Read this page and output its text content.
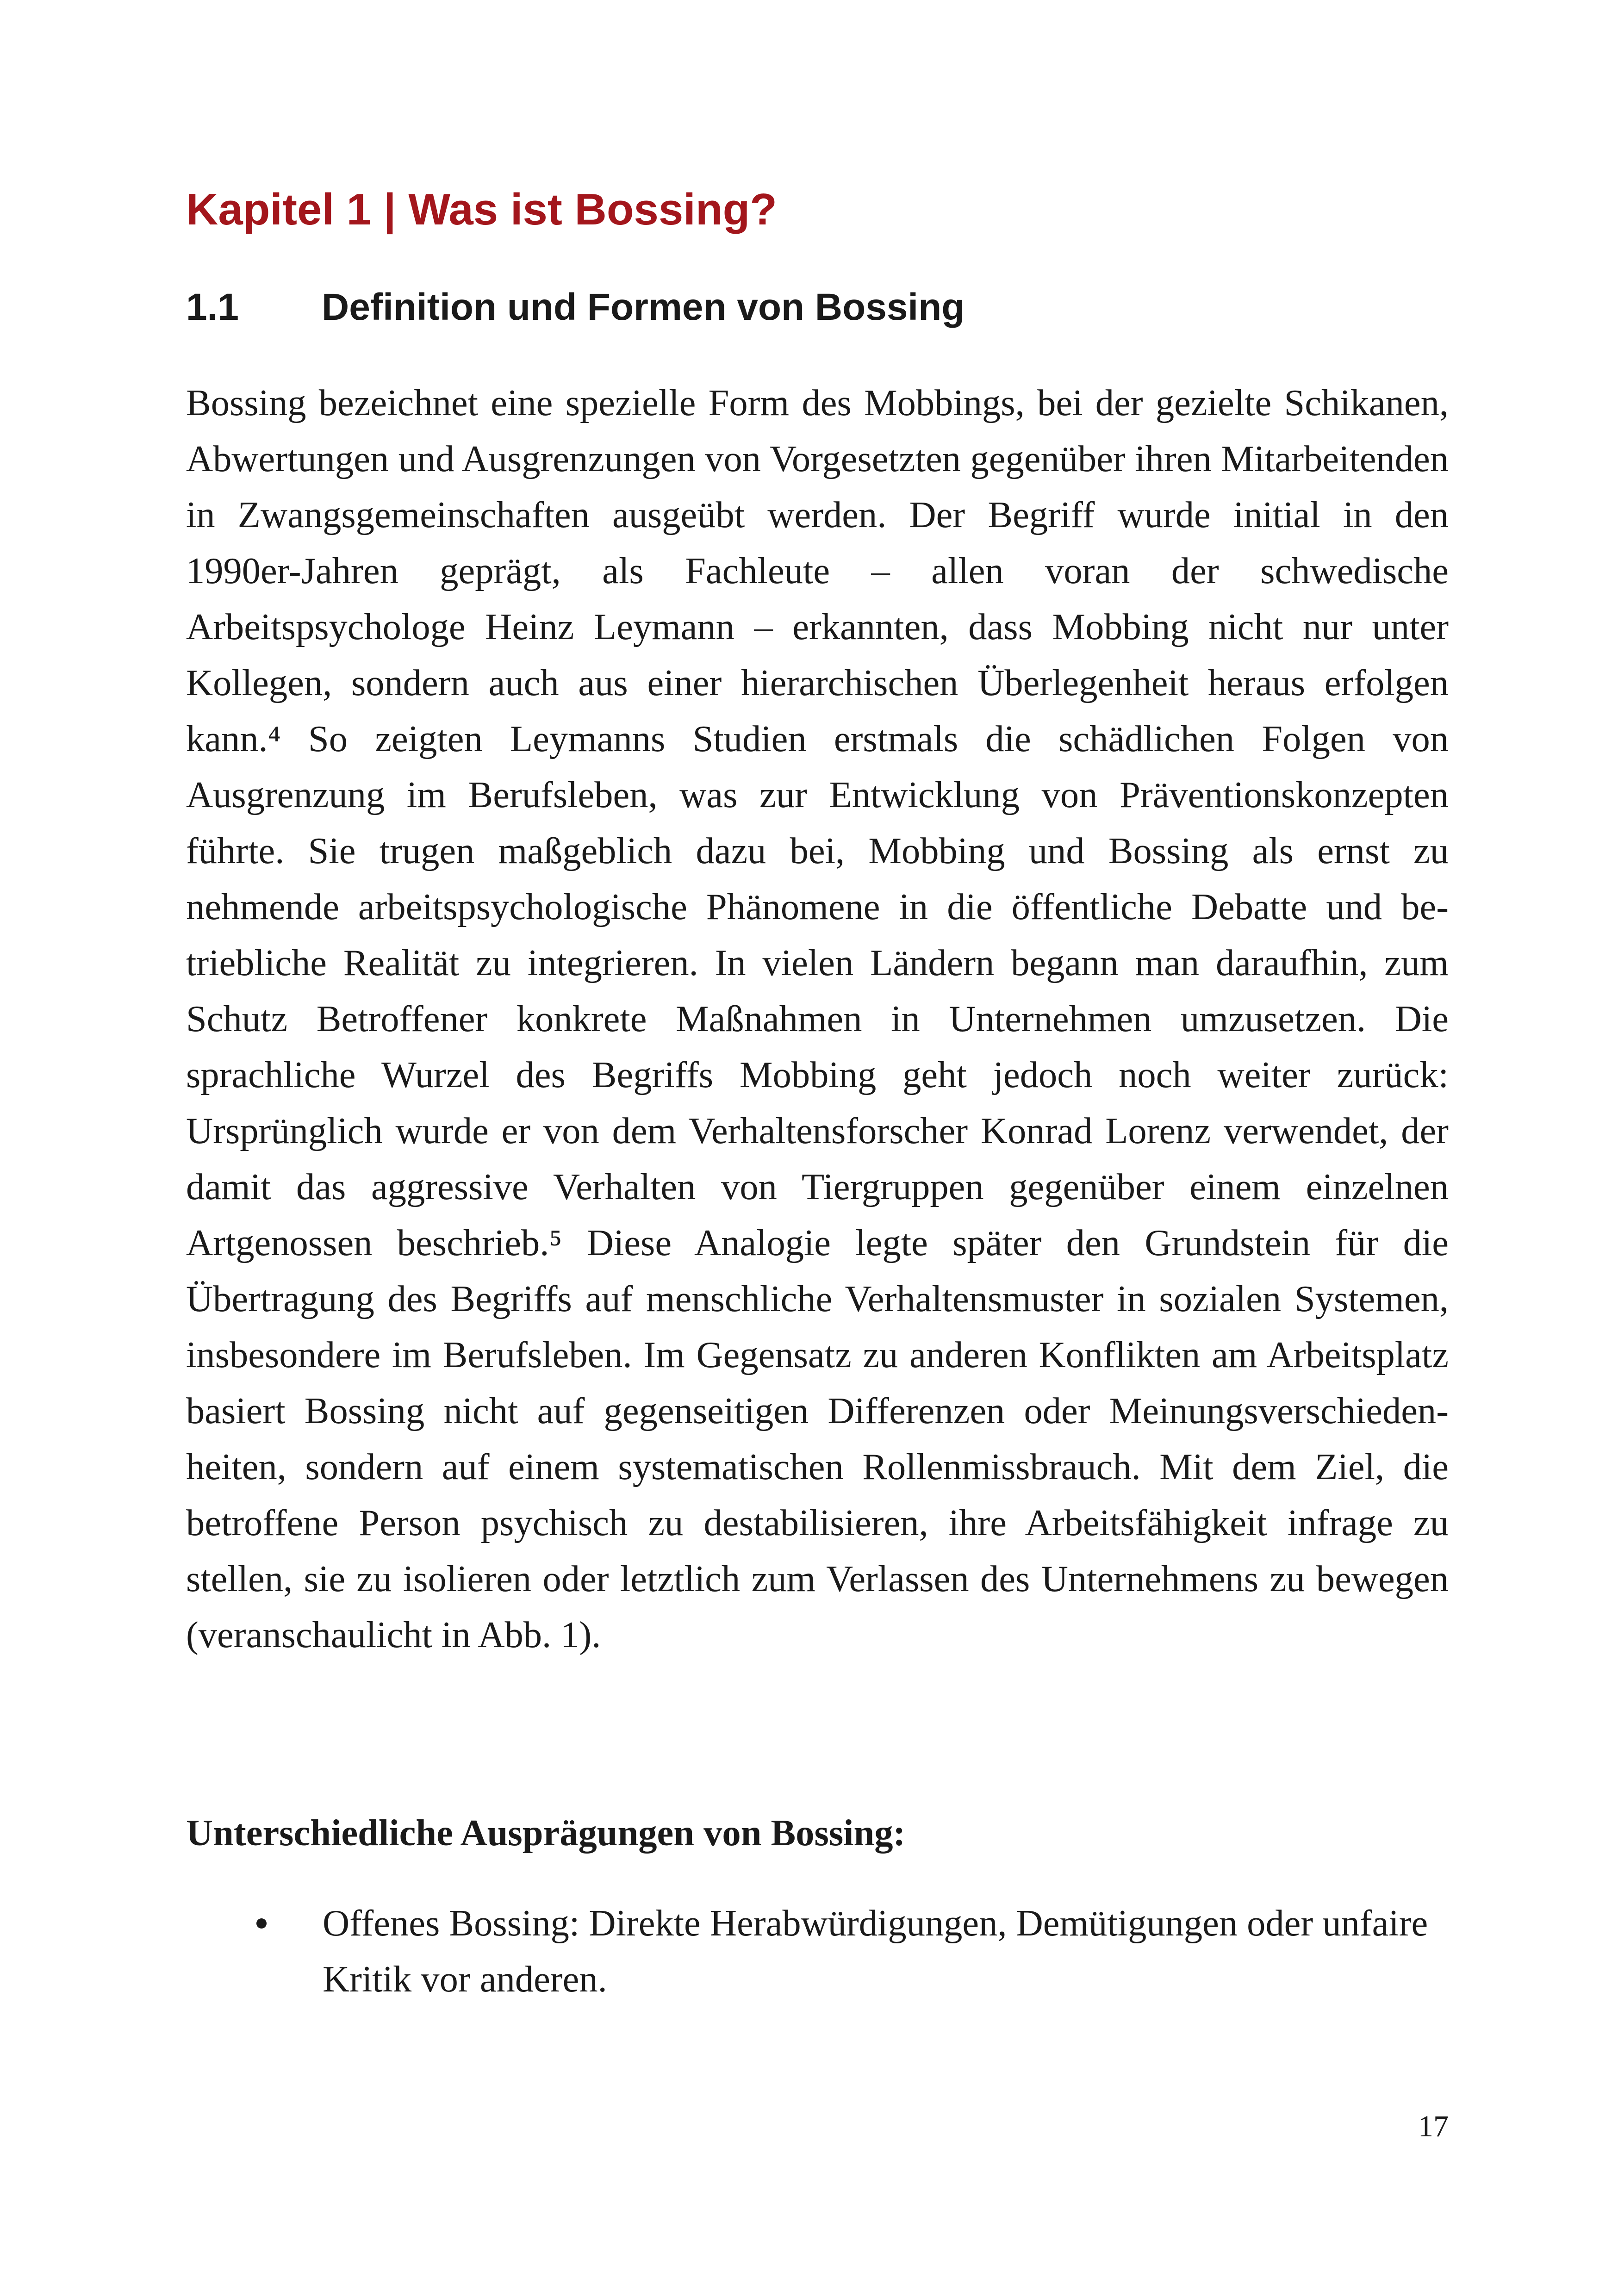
Kapitel 1 | Was ist Bossing?
1.1 Definition und Formen von Bossing

Bossing bezeichnet eine spezielle Form des Mobbings, bei der gezielte Schikanen, Abwertungen und Ausgrenzungen von Vorgesetzten gegenüber ihren Mitarbeitenden in Zwangsgemeinschaften ausgeübt werden. Der Begriff wurde initial in den 1990er-Jahren geprägt, als Fachleute – allen voran der schwedische Arbeitspsychologe Heinz Leymann – erkannten, dass Mobbing nicht nur unter Kollegen, sondern auch aus einer hierarchischen Überlegenheit heraus erfolgen kann.⁴ So zeigten Leymanns Studien erstmals die schädlichen Folgen von Ausgrenzung im Berufsleben, was zur Entwicklung von Präventionskonzepten führte. Sie trugen maßgeblich dazu bei, Mobbing und Bossing als ernst zu nehmende arbeitspsychologische Phänomene in die öffentliche Debatte und betriebliche Realität zu integrieren. In vielen Ländern begann man daraufhin, zum Schutz Betroffener konkrete Maßnahmen in Unternehmen umzusetzen. Die sprachliche Wurzel des Begriffs Mobbing geht jedoch noch weiter zurück: Ursprünglich wurde er von dem Verhaltensforscher Konrad Lorenz verwendet, der damit das aggressive Verhalten von Tiergruppen gegenüber einem einzelnen Artgenossen beschrieb.⁵ Diese Analogie legte später den Grundstein für die Übertragung des Begriffs auf menschliche Verhaltensmuster in sozialen Systemen, insbesondere im Berufsleben. Im Gegensatz zu anderen Konflikten am Arbeitsplatz basiert Bossing nicht auf gegenseitigen Differenzen oder Meinungsverschiedenheiten, sondern auf einem systematischen Rollenmissbrauch. Mit dem Ziel, die betroffene Person psychisch zu destabilisieren, ihre Arbeitsfähigkeit infrage zu stellen, sie zu isolieren oder letztlich zum Verlassen des Unternehmens zu bewegen (veranschaulicht in Abb. 1).

Unterschiedliche Ausprägungen von Bossing:

Offenes Bossing: Direkte Herabwürdigungen, Demütigungen oder unfaire Kritik vor anderen.
17
